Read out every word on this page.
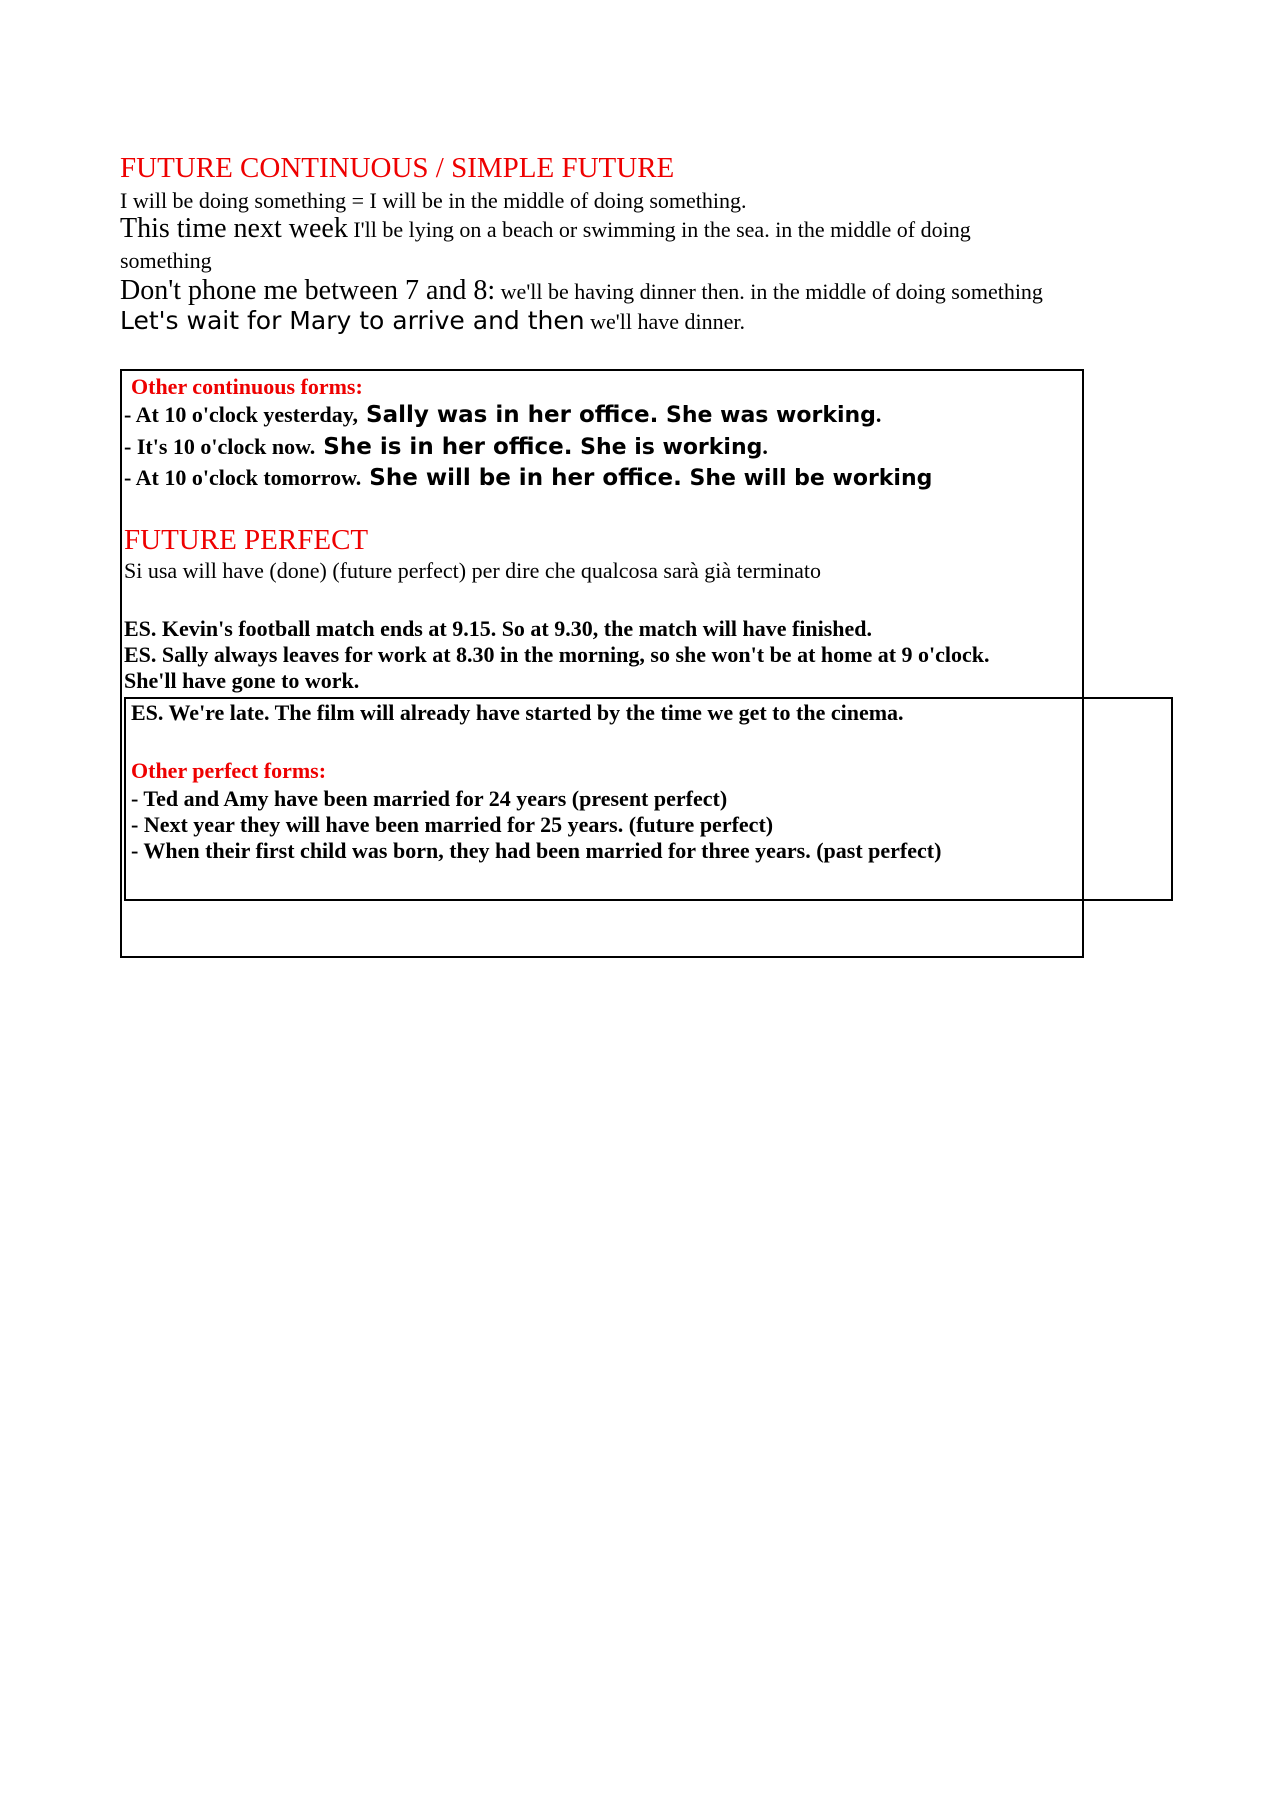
FUTURE CONTINUOUS / SIMPLE FUTURE
I will be doing something = I will be in the middle of doing something.
This time next week I'll be lying on a beach or swimming in the sea. in the middle of doing
something
Don't phone me between 7 and 8: we'll be having dinner then. in the middle of doing something
Let's wait for Mary to arrive and then we'll have dinner.
Other continuous forms:
- At 10 o'clock yesterday, Sally was in her office. She was working.
- It's 10 o'clock now. She is in her office. She is working.
- At 10 o'clock tomorrow. She will be in her office. She will be working
FUTURE PERFECT
Si usa will have (done) (future perfect) per dire che qualcosa sarà già terminato
ES. Kevin's football match ends at 9.15. So at 9.30, the match will have finished.
ES. Sally always leaves for work at 8.30 in the morning, so she won't be at home at 9 o'clock.
She'll have gone to work.
ES. We're late. The film will already have started by the time we get to the cinema.
Other perfect forms:
- Ted and Amy have been married for 24 years (present perfect)
- Next year they will have been married for 25 years. (future perfect)
- When their first child was born, they had been married for three years. (past perfect)
